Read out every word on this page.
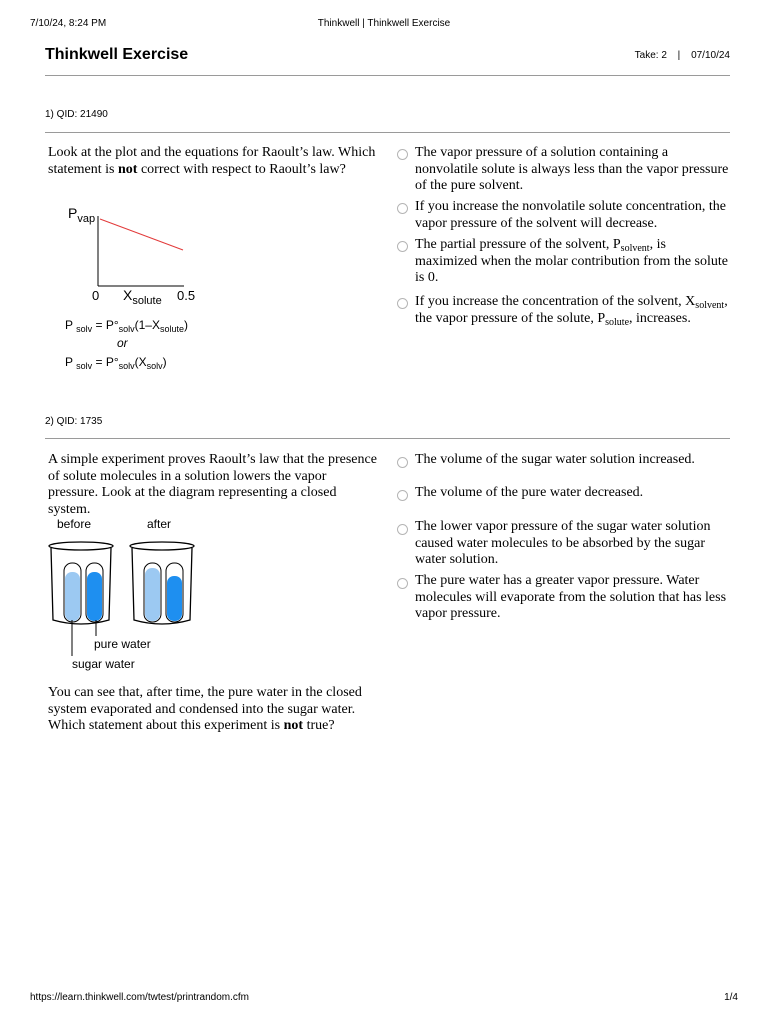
7/10/24, 8:24 PM	Thinkwell | Thinkwell Exercise
Thinkwell Exercise	Take: 2 | 07/10/24
1) QID: 21490
Look at the plot and the equations for Raoult’s law. Which statement is not correct with respect to Raoult’s law?
$P_{vap}$
0 $X_{solute}$ 0.5
P $_{solv} = P^\circ_{solv}(1-X_{solute})$
or
P $_{solv} = P^\circ_{solv}(X_{solv})$
The vapor pressure of a solution containing a nonvolatile solute is always less than the vapor pressure of the pure solvent.
If you increase the nonvolatile solute concentration, the vapor pressure of the solvent will decrease.
The partial pressure of the solvent, $P_{solvent}$, is maximized when the molar contribution from the solute is 0.
If you increase the concentration of the solvent, $X_{solvent}$, the vapor pressure of the solute, $P_{solute}$, increases.
2) QID: 1735
A simple experiment proves Raoult’s law that the presence of solute molecules in a solution lowers the vapor pressure. Look at the diagram representing a closed system.
before	after
pure water
sugar water
You can see that, after time, the pure water in the closed system evaporated and condensed into the sugar water. Which statement about this experiment is not true?
The volume of the sugar water solution increased.
The volume of the pure water decreased.
The lower vapor pressure of the sugar water solution caused water molecules to be absorbed by the sugar water solution.
The pure water has a greater vapor pressure. Water molecules will evaporate from the solution that has less vapor pressure.
https://learn.thinkwell.com/twtest/printrandom.cfm	1/4
